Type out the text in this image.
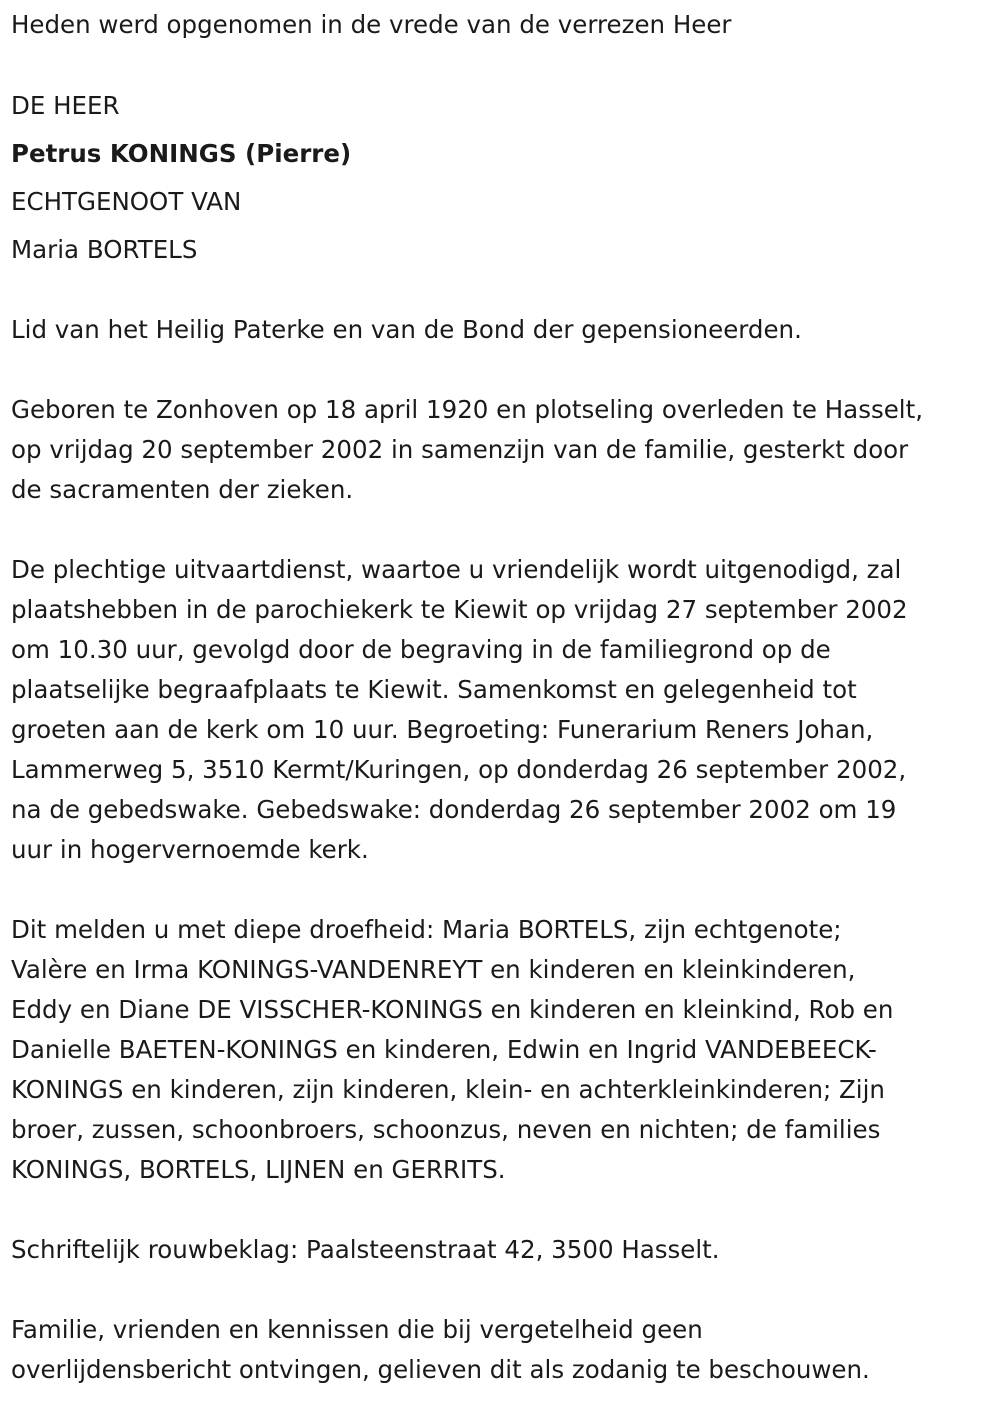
Heden werd opgenomen in de vrede van de verrezen Heer
DE HEER
Petrus KONINGS (Pierre)
ECHTGENOOT VAN
Maria BORTELS
Lid van het Heilig Paterke en van de Bond der gepensioneerden.
Geboren te Zonhoven op 18 april 1920 en plotseling overleden te Hasselt,
op vrijdag 20 september 2002 in samenzijn van de familie, gesterkt door
de sacramenten der zieken.
De plechtige uitvaartdienst, waartoe u vriendelijk wordt uitgenodigd, zal
plaatshebben in de parochiekerk te Kiewit op vrijdag 27 september 2002
om 10.30 uur, gevolgd door de begraving in de familiegrond op de
plaatselijke begraafplaats te Kiewit. Samenkomst en gelegenheid tot
groeten aan de kerk om 10 uur. Begroeting: Funerarium Reners Johan,
Lammerweg 5, 3510 Kermt/Kuringen, op donderdag 26 september 2002,
na de gebedswake. Gebedswake: donderdag 26 september 2002 om 19
uur in hogervernoemde kerk.
Dit melden u met diepe droefheid: Maria BORTELS, zijn echtgenote;
Valère en Irma KONINGS-VANDENREYT en kinderen en kleinkinderen,
Eddy en Diane DE VISSCHER-KONINGS en kinderen en kleinkind, Rob en
Danielle BAETEN-KONINGS en kinderen, Edwin en Ingrid VANDEBEECK-
KONINGS en kinderen, zijn kinderen, klein- en achterkleinkinderen; Zijn
broer, zussen, schoonbroers, schoonzus, neven en nichten; de families
KONINGS, BORTELS, LIJNEN en GERRITS.
Schriftelijk rouwbeklag: Paalsteenstraat 42, 3500 Hasselt.
Familie, vrienden en kennissen die bij vergetelheid geen
overlijdensbericht ontvingen, gelieven dit als zodanig te beschouwen.
